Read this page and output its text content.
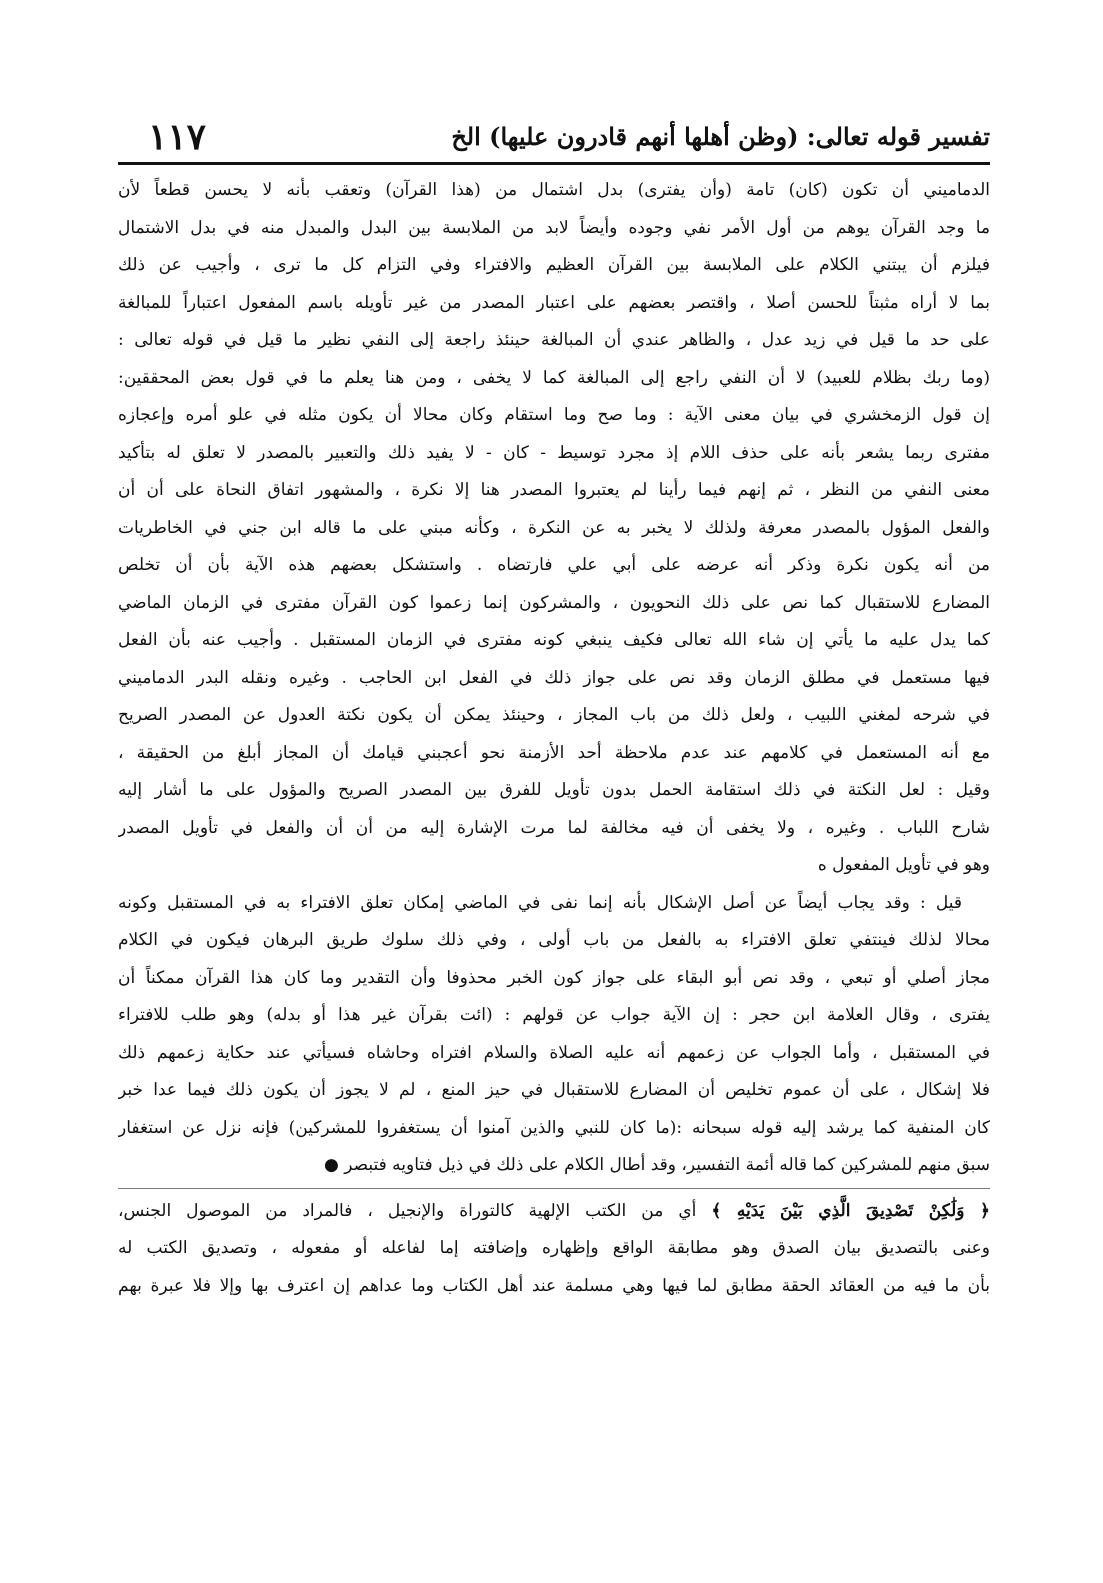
١١٧	تفسير قوله تعالى: (وظن أهلها أنهم قادرون عليها) الخ
الدماميني أن تكون (كان) تامة (وأن يفترى) بدل اشتمال من (هذا القرآن) وتعقب بأنه لا يحسن قطعاً لأن
ما وجد القرآن يوهم من أول الأمر نفي وجوده وأيضاً لابد من الملابسة بين البدل والمبدل منه في بدل الاشتمال
فيلزم أن يبتني الكلام على الملابسة بين القرآن العظيم والافتراء وفي التزام كل ما ترى ، وأجيب عن ذلك
بما لا أراه مثبتاً للحسن أصلا ، واقتصر بعضهم على اعتبار المصدر من غير تأويله باسم المفعول اعتباراً للمبالغة
على حد ما قيل في زيد عدل ، والظاهر عندي أن المبالغة حينئذ راجعة إلى النفي نظير ما قيل في قوله تعالى :
(وما ربك بظلام للعبيد) لا أن النفي راجع إلى المبالغة كما لا يخفى ، ومن هنا يعلم ما في قول بعض المحققين:
إن قول الزمخشري في بيان معنى الآية : وما صح وما استقام وكان محالا أن يكون مثله في علو أمره وإعجازه
مفترى ربما يشعر بأنه على حذف اللام إذ مجرد توسيط - كان - لا يفيد ذلك والتعبير بالمصدر لا تعلق له بتأكيد
معنى النفي من النظر ، ثم إنهم فيما رأينا لم يعتبروا المصدر هنا إلا نكرة ، والمشهور اتفاق النحاة على أن أن
والفعل المؤول بالمصدر معرفة ولذلك لا يخبر به عن النكرة ، وكأنه مبني على ما قاله ابن جني في الخاطريات
من أنه يكون نكرة وذكر أنه عرضه على أبي علي فارتضاه . واستشكل بعضهم هذه الآية بأن أن تخلص
المضارع للاستقبال كما نص على ذلك النحويون ، والمشركون إنما زعموا كون القرآن مفترى في الزمان الماضي
كما يدل عليه ما يأتي إن شاء الله تعالى فكيف ينبغي كونه مفترى في الزمان المستقبل . وأجيب عنه بأن الفعل
فيها مستعمل في مطلق الزمان وقد نص على جواز ذلك في الفعل ابن الحاجب . وغيره ونقله البدر الدماميني
في شرحه لمغني اللبيب ، ولعل ذلك من باب المجاز ، وحينئذ يمكن أن يكون نكتة العدول عن المصدر الصريح
مع أنه المستعمل في كلامهم عند عدم ملاحظة أحد الأزمنة نحو أعجبني قيامك أن المجاز أبلغ من الحقيقة ،
وقيل : لعل النكتة في ذلك استقامة الحمل بدون تأويل للفرق بين المصدر الصريح والمؤول على ما أشار إليه
شارح اللباب . وغيره ، ولا يخفى أن فيه مخالفة لما مرت الإشارة إليه من أن أن والفعل في تأويل المصدر
وهو في تأويل المفعول ه
قيل : وقد يجاب أيضاً عن أصل الإشكال بأنه إنما نفى في الماضي إمكان تعلق الافتراء به في المستقبل وكونه
محالا لذلك فينتفي تعلق الافتراء به بالفعل من باب أولى ، وفي ذلك سلوك طريق البرهان فيكون في الكلام
مجاز أصلي أو تبعي ، وقد نص أبو البقاء على جواز كون الخبر محذوفا وأن التقدير وما كان هذا القرآن ممكناً أن
يفترى ، وقال العلامة ابن حجر : إن الآية جواب عن قولهم : (ائت بقرآن غير هذا أو بدله) وهو طلب للافتراء
في المستقبل ، وأما الجواب عن زعمهم أنه عليه الصلاة والسلام افتراه وحاشاه فسيأتي عند حكاية زعمهم ذلك
فلا إشكال ، على أن عموم تخليص أن المضارع للاستقبال في حيز المنع ، لم لا يجوز أن يكون ذلك فيما عدا خبر
كان المنفية كما يرشد إليه قوله سبحانه :(ما كان للنبي والذين آمنوا أن يستغفروا للمشركين) فإنه نزل عن استغفار
سبق منهم للمشركين كما قاله أئمة التفسير، وقد أطال الكلام على ذلك في ذيل فتاويه فتبصر ●
﴿ وَلَٰكِنْ تَصْدِيقَ الَّذِي بَيْنَ يَدَيْهِ ﴾ أي من الكتب الإلهية كالتوراة والإنجيل ، فالمراد من الموصول الجنس،
وعنى بالتصديق بيان الصدق وهو مطابقة الواقع وإظهاره وإضافته إما لفاعله أو مفعوله ، وتصديق الكتب له
بأن ما فيه من العقائد الحقة مطابق لما فيها وهي مسلمة عند أهل الكتاب وما عداهم إن اعترف بها وإلا فلا عبرة بهم
